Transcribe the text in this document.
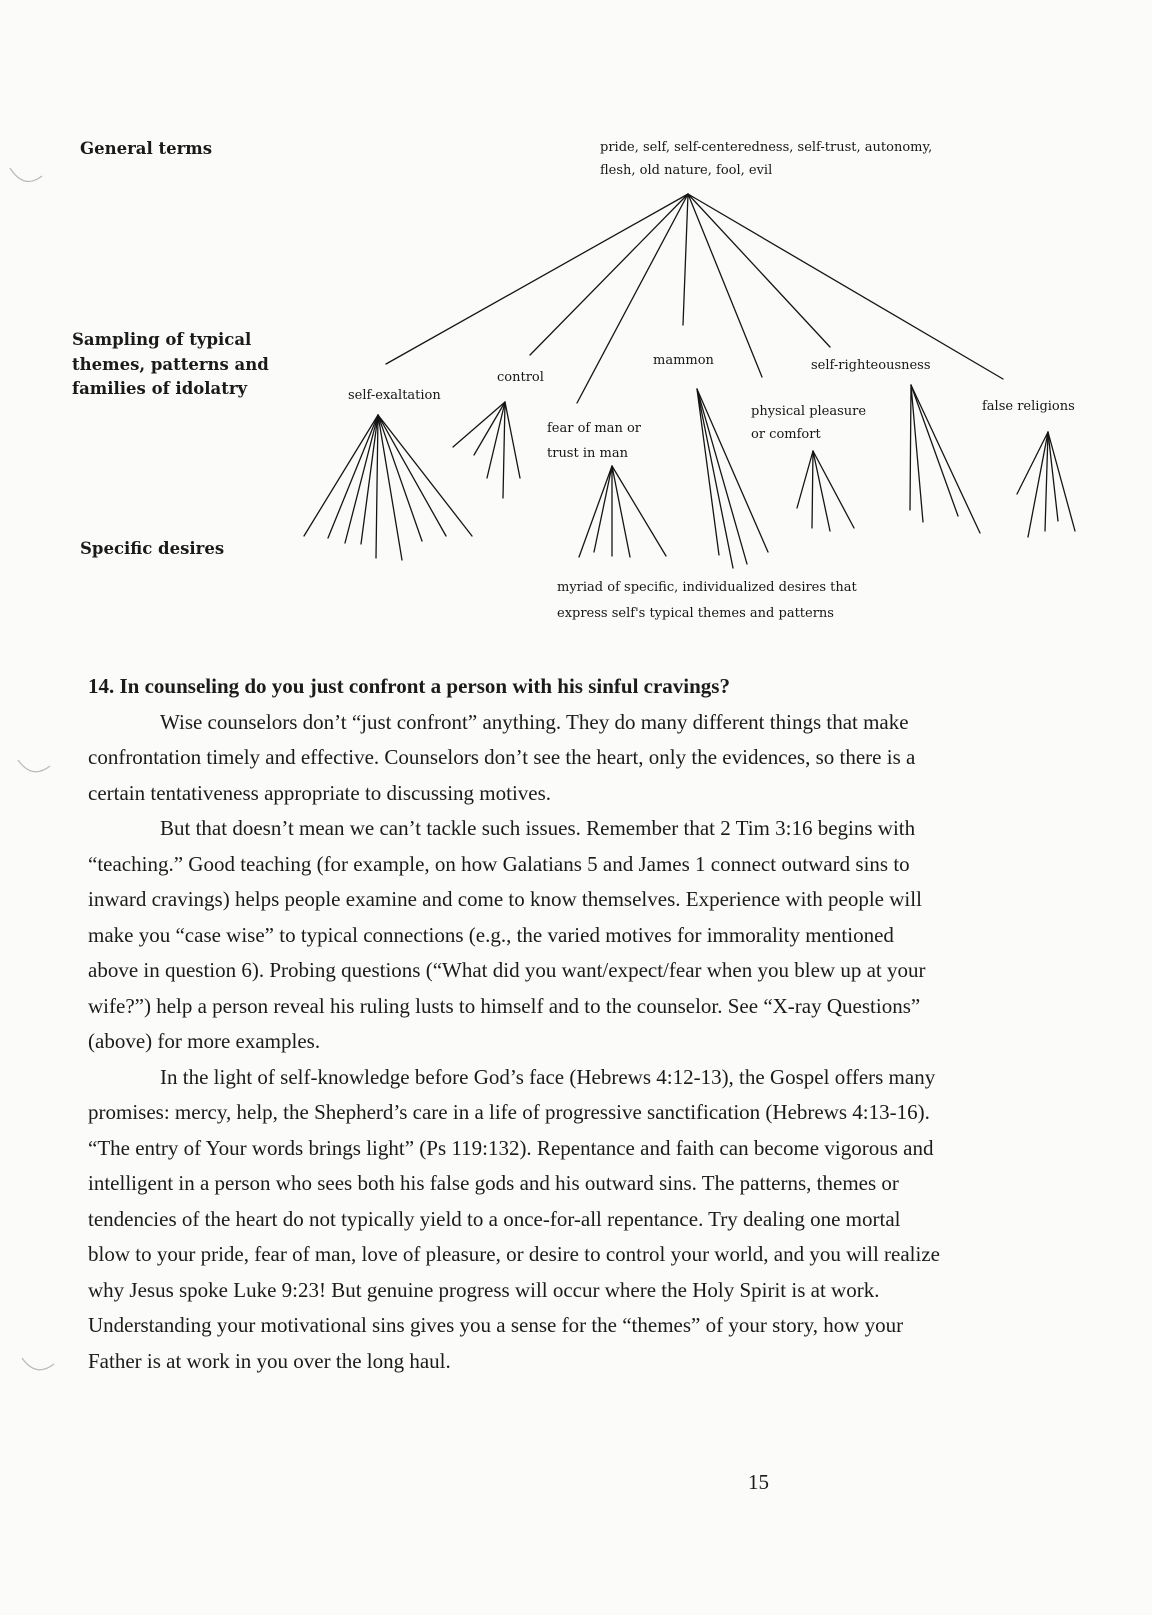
General terms
Sampling of typical
themes, patterns and
families of idolatry
Specific desires
pride, self, self-centeredness, self-trust, autonomy,
flesh, old nature, fool, evil
self-exaltation
control
mammon	self-righteousness
fear of man or
trust in man
physical pleasure
or comfort
false religions
myriad of specific, individualized desires that
express self's typical themes and patterns
14. In counseling do you just confront a person with his sinful cravings?
Wise counselors don’t “just confront” anything. They do many different things that make
confrontation timely and effective. Counselors don’t see the heart, only the evidences, so there is a
certain tentativeness appropriate to discussing motives.
But that doesn’t mean we can’t tackle such issues. Remember that 2 Tim 3:16 begins with
“teaching.” Good teaching (for example, on how Galatians 5 and James 1 connect outward sins to
inward cravings) helps people examine and come to know themselves. Experience with people will
make you “case wise” to typical connections (e.g., the varied motives for immorality mentioned
above in question 6). Probing questions (“What did you want/expect/fear when you blew up at your
wife?”) help a person reveal his ruling lusts to himself and to the counselor. See “X-ray Questions”
(above) for more examples.
In the light of self-knowledge before God’s face (Hebrews 4:12-13), the Gospel offers many
promises: mercy, help, the Shepherd’s care in a life of progressive sanctification (Hebrews 4:13-16).
“The entry of Your words brings light” (Ps 119:132). Repentance and faith can become vigorous and
intelligent in a person who sees both his false gods and his outward sins. The patterns, themes or
tendencies of the heart do not typically yield to a once-for-all repentance. Try dealing one mortal
blow to your pride, fear of man, love of pleasure, or desire to control your world, and you will realize
why Jesus spoke Luke 9:23! But genuine progress will occur where the Holy Spirit is at work.
Understanding your motivational sins gives you a sense for the “themes” of your story, how your
Father is at work in you over the long haul.
15
